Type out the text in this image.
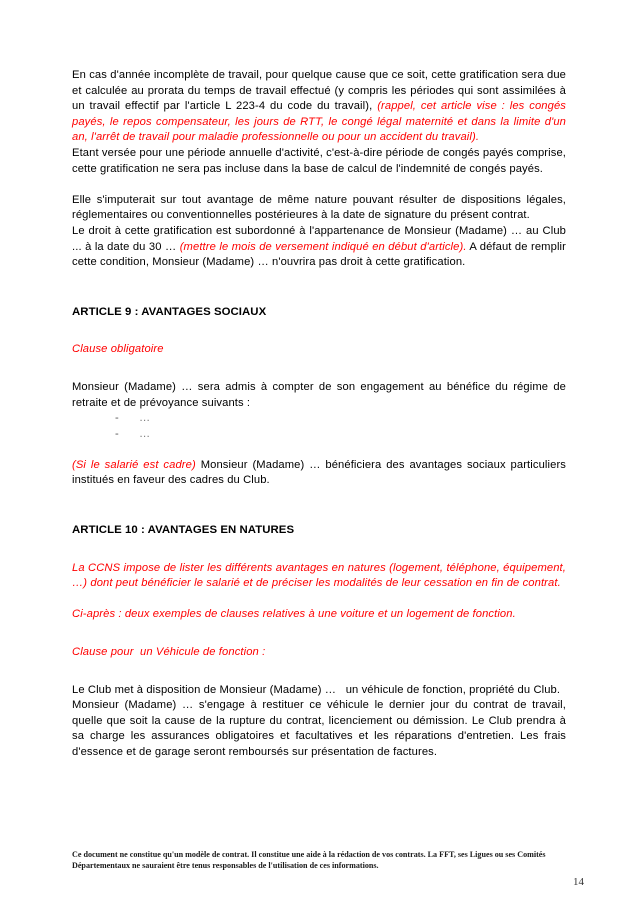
En cas d'année incomplète de travail, pour quelque cause que ce soit, cette gratification sera due et calculée au prorata du temps de travail effectué (y compris les périodes qui sont assimilées à un travail effectif par l'article L 223-4 du code du travail), (rappel, cet article vise : les congés payés, le repos compensateur, les jours de RTT, le congé légal maternité et dans la limite d'un an, l'arrêt de travail pour maladie professionnelle ou pour un accident du travail).

Etant versée pour une période annuelle d'activité, c'est-à-dire période de congés payés comprise, cette gratification ne sera pas incluse dans la base de calcul de l'indemnité de congés payés.

Elle s'imputerait sur tout avantage de même nature pouvant résulter de dispositions légales, réglementaires ou conventionnelles postérieures à la date de signature du présent contrat.

Le droit à cette gratification est subordonné à l'appartenance de Monsieur (Madame) … au Club ... à la date du 30 … (mettre le mois de versement indiqué en début d'article). A défaut de remplir cette condition, Monsieur (Madame) … n'ouvrira pas droit à cette gratification.

ARTICLE 9 : AVANTAGES SOCIAUX

Clause obligatoire

Monsieur (Madame) … sera admis à compter de son engagement au bénéfice du régime de retraite et de prévoyance suivants :

- …
- …

(Si le salarié est cadre) Monsieur (Madame) … bénéficiera des avantages sociaux particuliers institués en faveur des cadres du Club.

ARTICLE 10 : AVANTAGES EN NATURES

La CCNS impose de lister les différents avantages en natures (logement, téléphone, équipement, …) dont peut bénéficier le salarié et de préciser les modalités de leur cessation en fin de contrat.

Ci-après : deux exemples de clauses relatives à une voiture et un logement de fonction.

Clause pour  un Véhicule de fonction :

Le Club met à disposition de Monsieur (Madame) …   un véhicule de fonction, propriété du Club.

Monsieur (Madame) … s'engage à restituer ce véhicule le dernier jour du contrat de travail, quelle que soit la cause de la rupture du contrat, licenciement ou démission. Le Club prendra à sa charge les assurances obligatoires et facultatives et les réparations d'entretien. Les frais d'essence et de garage seront remboursés sur présentation de factures.

Ce document ne constitue qu'un modèle de contrat. Il constitue une aide à la rédaction de vos contrats. La FFT, ses Ligues ou ses Comités Départementaux ne sauraient être tenus responsables de l'utilisation de ces informations.
14
